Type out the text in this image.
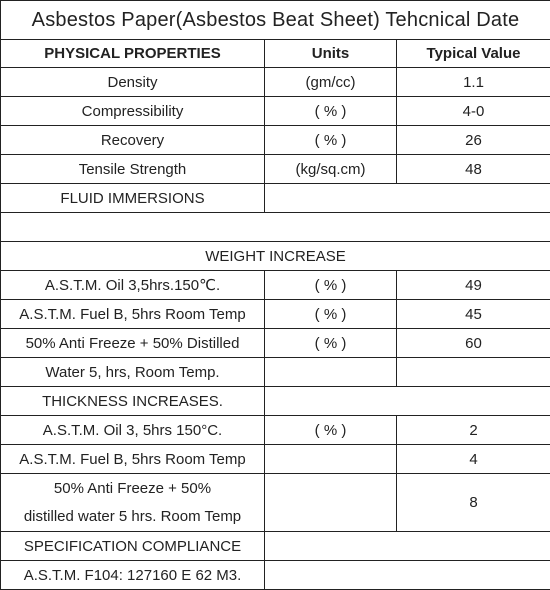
Asbestos Paper(Asbestos Beat Sheet) Tehcnical Date		
PHYSICAL PROPERTIES	Units	Typical Value
Density	(gm/cc)	1.1
Compressibility	( % )	4-0
Recovery	( % )	26
Tensile Strength	(kg/sq.cm)	48
FLUID IMMERSIONS		

WEIGHT INCREASE		
A.S.T.M. Oil 3,5hrs.150℃.	( % )	49
A.S.T.M. Fuel B, 5hrs Room Temp	( % )	45
50% Anti Freeze + 50% Distilled	( % )	60
Water 5, hrs, Room Temp.		
THICKNESS INCREASES.		
A.S.T.M. Oil 3, 5hrs 150°C.	( % )	2
A.S.T.M. Fuel B, 5hrs Room Temp		4
50% Anti Freeze + 50%		8
distilled water 5 hrs. Room Temp		
SPECIFICATION COMPLIANCE		
A.S.T.M. F104: 127160 E 62 M3.		
